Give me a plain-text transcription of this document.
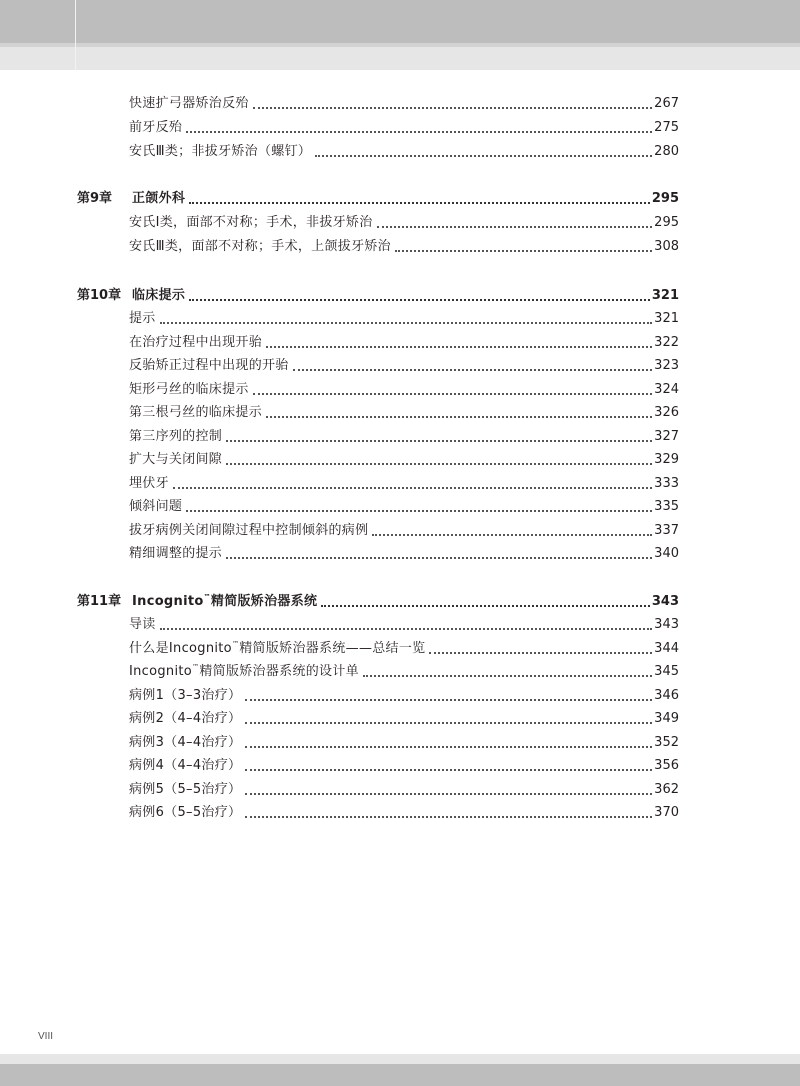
快速扩弓器矫治反殆	267
前牙反殆	275
安氏Ⅲ类；非拔牙矫治（螺钉）	280
第9章	正颌外科	295
安氏Ⅰ类，面部不对称；手术，非拔牙矫治	295
安氏Ⅲ类，面部不对称；手术，上颌拔牙矫治	308
第10章 临床提示	321
提示	321
在治疗过程中出现开骀	322
反骀矫正过程中出现的开骀	323
矩形弓丝的临床提示	324
第三根弓丝的临床提示	326
第三序列的控制	327
扩大与关闭间隙	329
埋伏牙	333
倾斜问题	335
拔牙病例关闭间隙过程中控制倾斜的病例	337
精细调整的提示	340
第11章 Incognito™精简版矫治器系统	343
导读	343
什么是Incognito™精简版矫治器系统——总结一览	344
Incognito™精简版矫治器系统的设计单	345
病例1（3–3治疗）	346
病例2（4–4治疗）	349
病例3（4–4治疗）	352
病例4（4–4治疗）	356
病例5（5–5治疗）	362
病例6（5–5治疗）	370
VIII
